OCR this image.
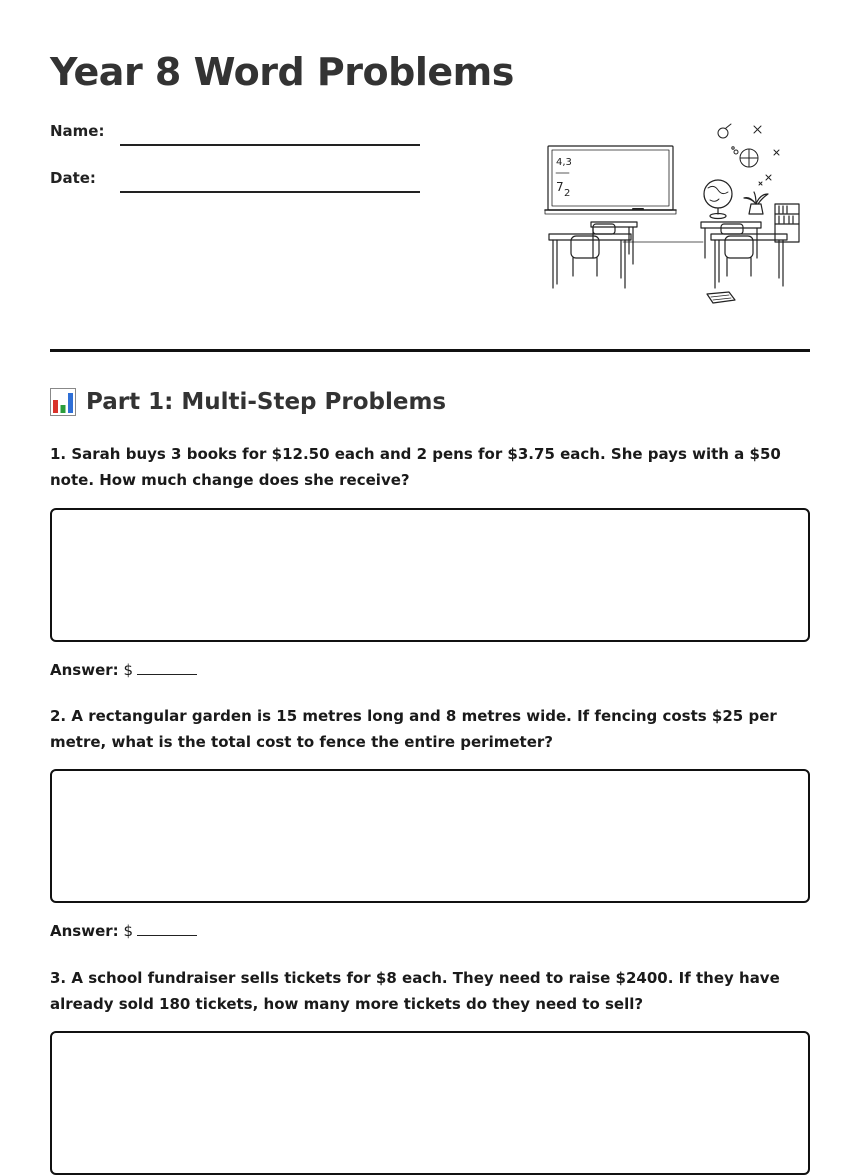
Year 8 Word Problems
Name:
Date:
4,3
7 2
Part 1: Multi-Step Problems

1. Sarah buys 3 books for $12.50 each and 2 pens for $3.75 each. She pays with a $50 note. How much change does she receive?

Answer: $

2. A rectangular garden is 15 metres long and 8 metres wide. If fencing costs $25 per metre, what is the total cost to fence the entire perimeter?

Answer: $

3. A school fundraiser sells tickets for $8 each. They need to raise $2400. If they have already sold 180 tickets, how many more tickets do they need to sell?
